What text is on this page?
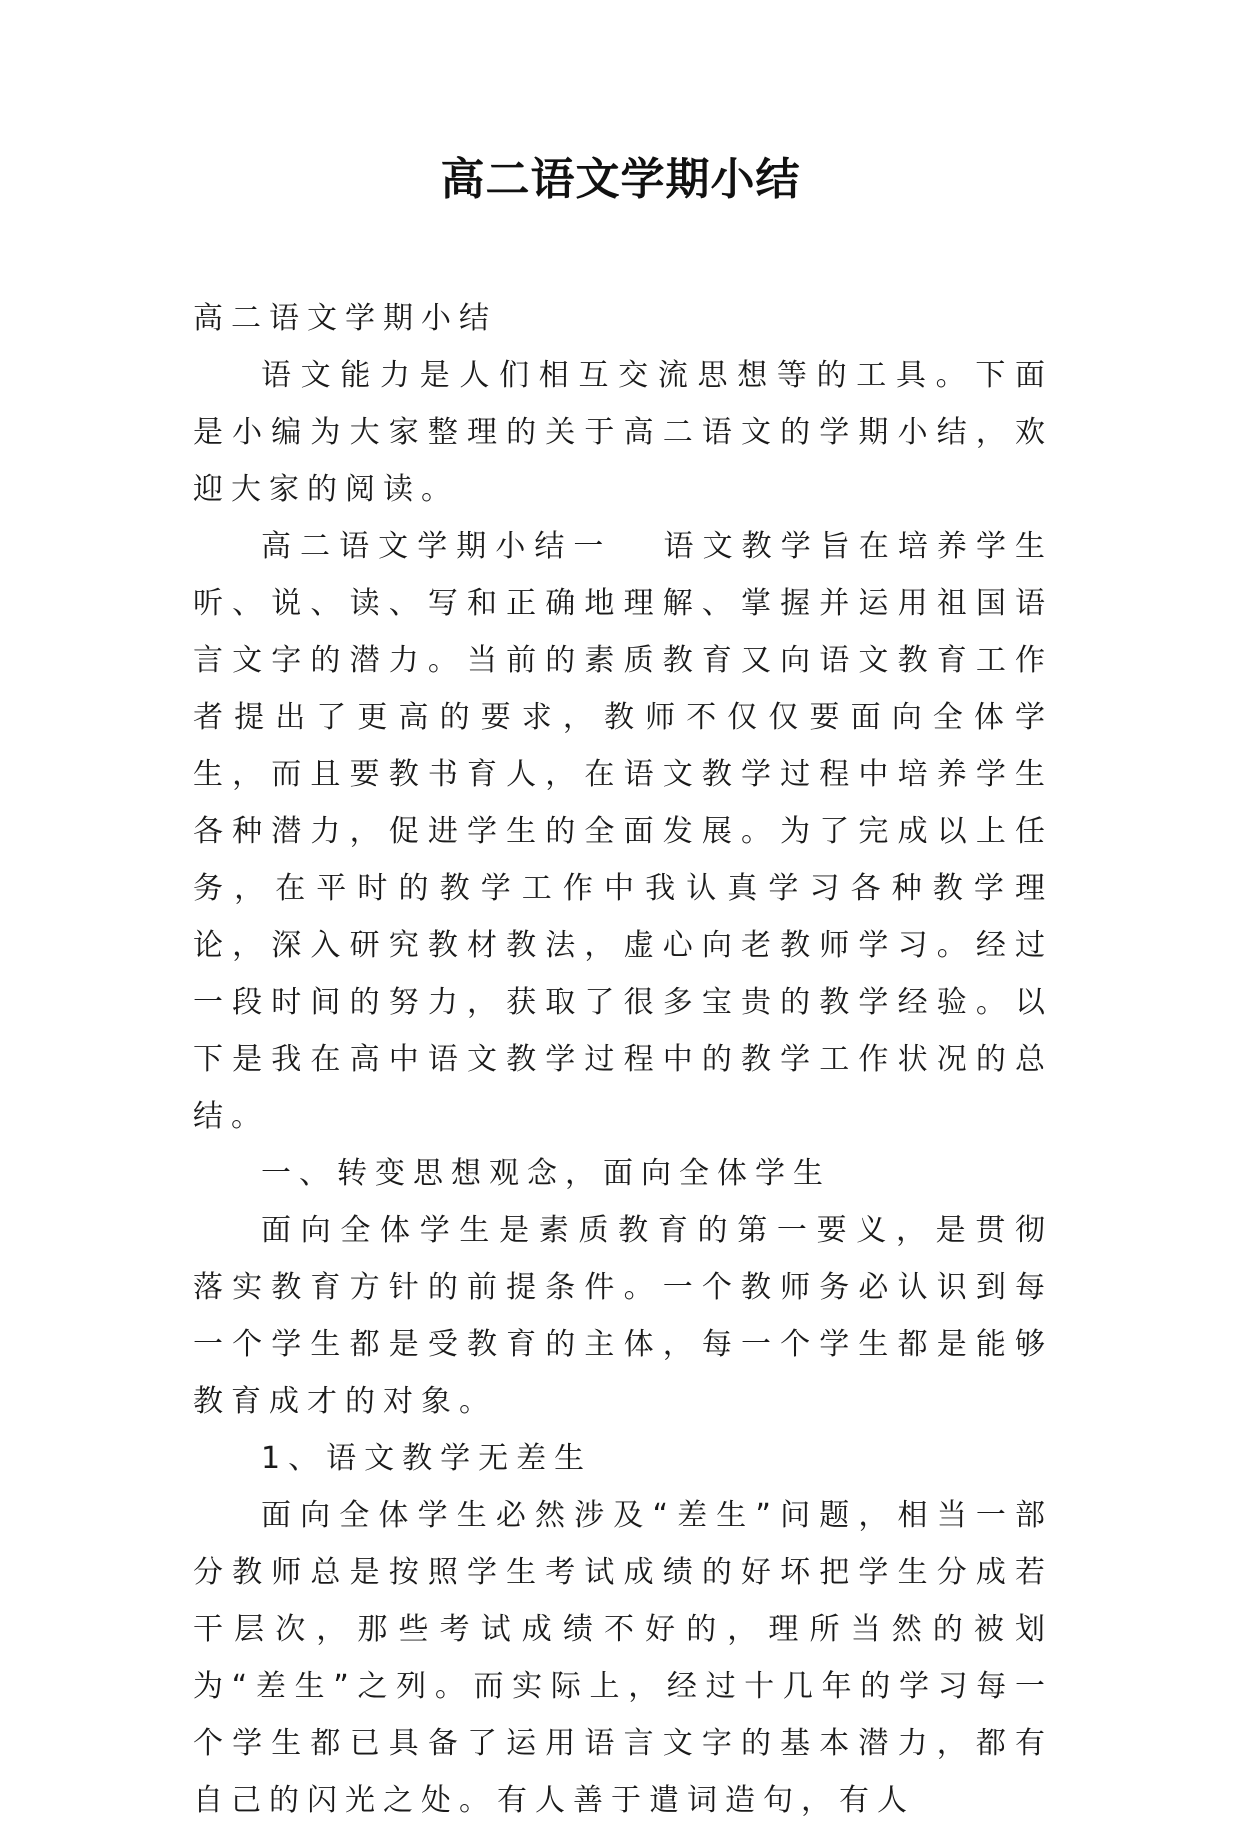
高二语文学期小结

高二语文学期小结

语文能力是人们相互交流思想等的工具。下面是小编为大家整理的关于高二语文的学期小结，欢迎大家的阅读。

高二语文学期小结一 语文教学旨在培养学生听、说、读、写和正确地理解、掌握并运用祖国语言文字的潜力。当前的素质教育又向语文教育工作者提出了更高的要求，教师不仅仅要面向全体学生，而且要教书育人，在语文教学过程中培养学生各种潜力，促进学生的全面发展。为了完成以上任务，在平时的教学工作中我认真学习各种教学理论，深入研究教材教法，虚心向老教师学习。经过一段时间的努力，获取了很多宝贵的教学经验。以下是我在高中语文教学过程中的教学工作状况的总结。

一、转变思想观念，面向全体学生

面向全体学生是素质教育的第一要义，是贯彻落实教育方针的前提条件。一个教师务必认识到每一个学生都是受教育的主体，每一个学生都是能够教育成才的对象。

1、语文教学无差生

面向全体学生必然涉及“差生”问题，相当一部分教师总是按照学生考试成绩的好坏把学生分成若干层次，那些考试成绩不好的，理所当然的被划为“差生”之列。而实际上，经过十几年的学习每一个学生都已具备了运用语言文字的基本潜力，都有自己的闪光之处。有人善于遣词造句，有人
